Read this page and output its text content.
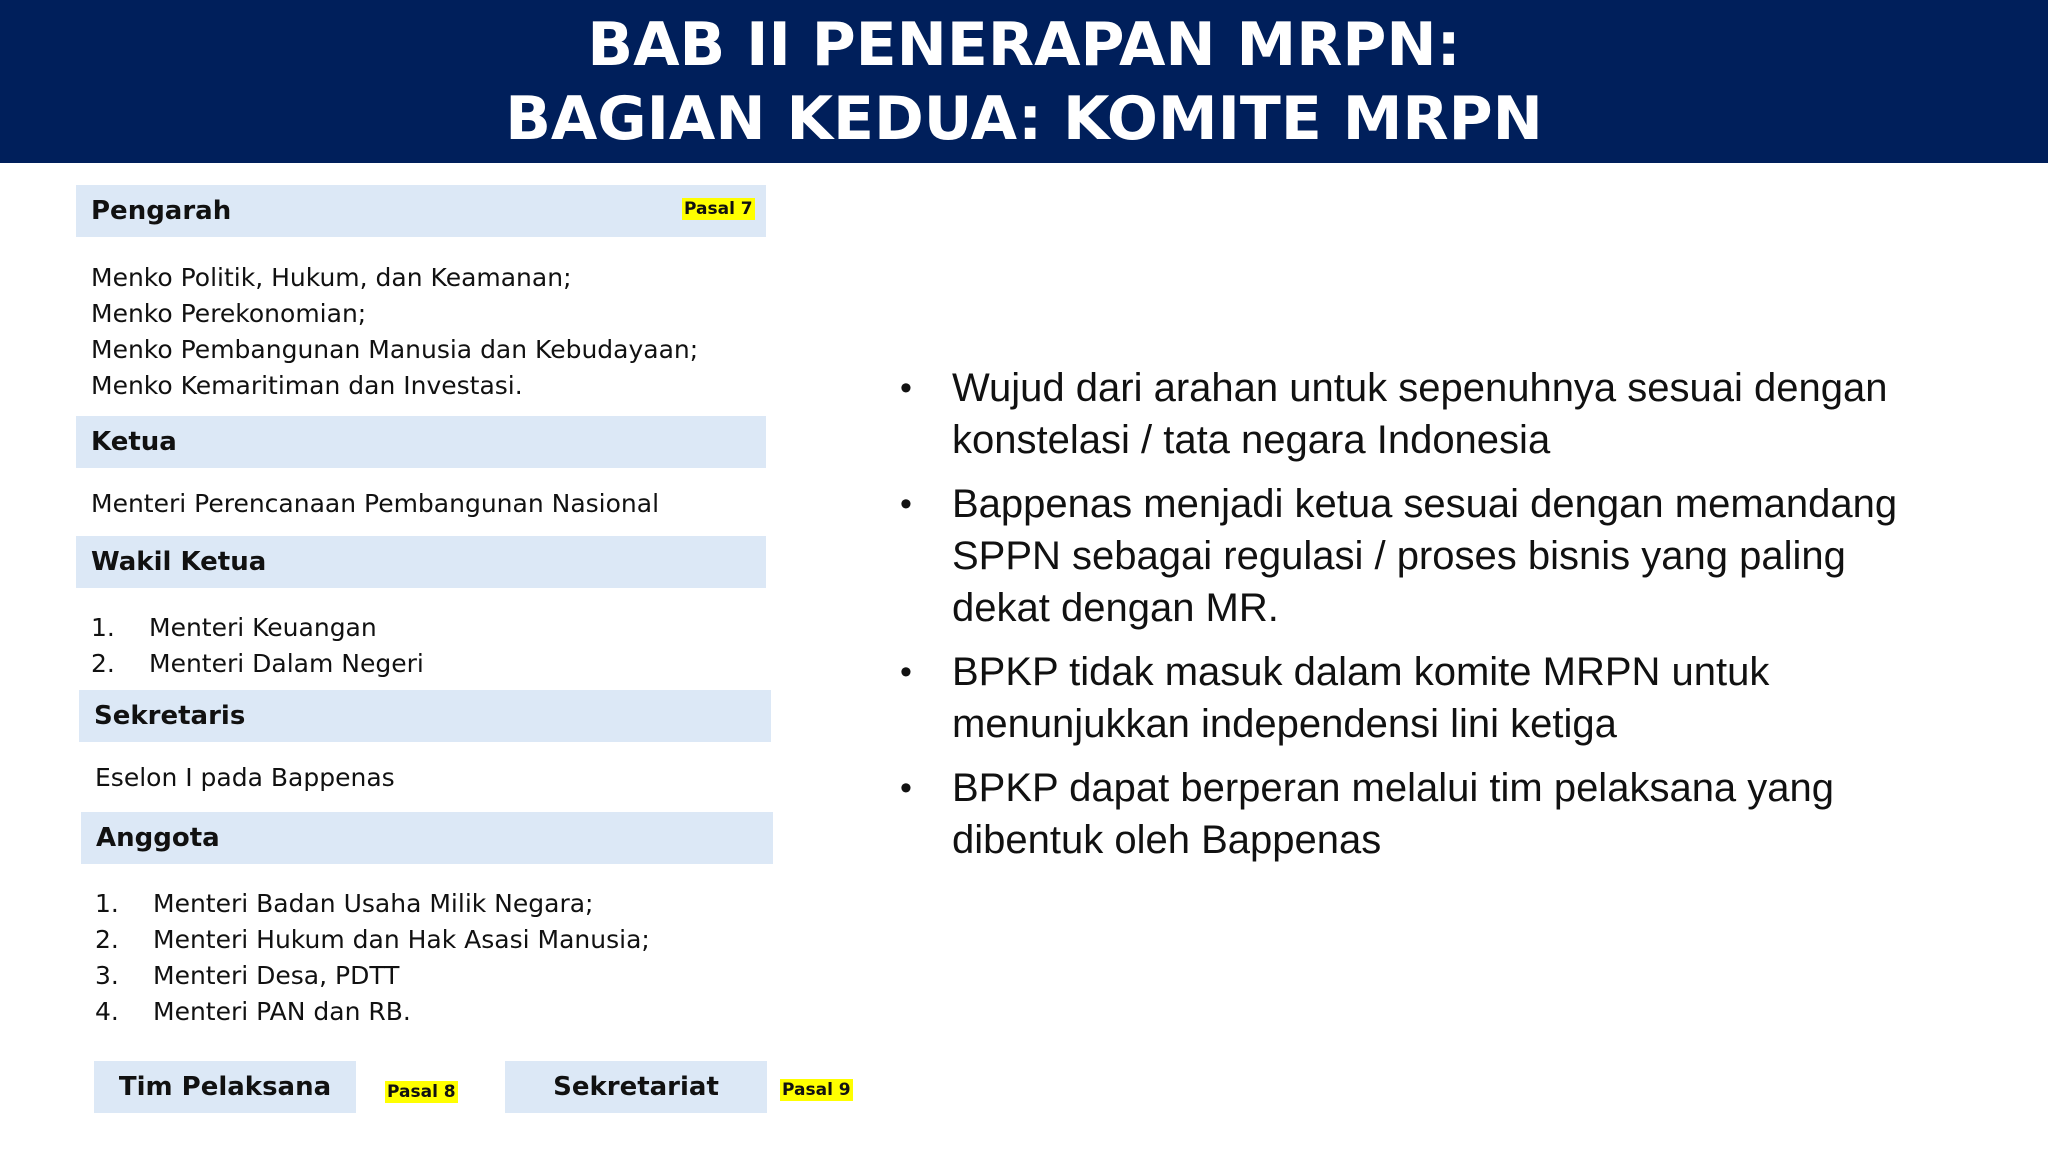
BAB II PENERAPAN MRPN:
BAGIAN KEDUA: KOMITE MRPN
Pengarah	Pasal 7
Menko Politik, Hukum, dan Keamanan;
Menko Perekonomian;
Menko Pembangunan Manusia dan Kebudayaan;
Menko Kemaritiman dan Investasi.
Ketua
Menteri Perencanaan Pembangunan Nasional
Wakil Ketua
1. Menteri Keuangan
2. Menteri Dalam Negeri
Sekretaris
Eselon I pada Bappenas
Anggota
1. Menteri Badan Usaha Milik Negara;
2. Menteri Hukum dan Hak Asasi Manusia;
3. Menteri Desa, PDTT
4. Menteri PAN dan RB.
Tim Pelaksana	Pasal 8	Sekretariat	Pasal 9
• Wujud dari arahan untuk sepenuhnya sesuai dengan konstelasi / tata negara Indonesia
• Bappenas menjadi ketua sesuai dengan memandang SPPN sebagai regulasi / proses bisnis yang paling dekat dengan MR.
• BPKP tidak masuk dalam komite MRPN untuk menunjukkan independensi lini ketiga
• BPKP dapat berperan melalui tim pelaksana yang dibentuk oleh Bappenas
